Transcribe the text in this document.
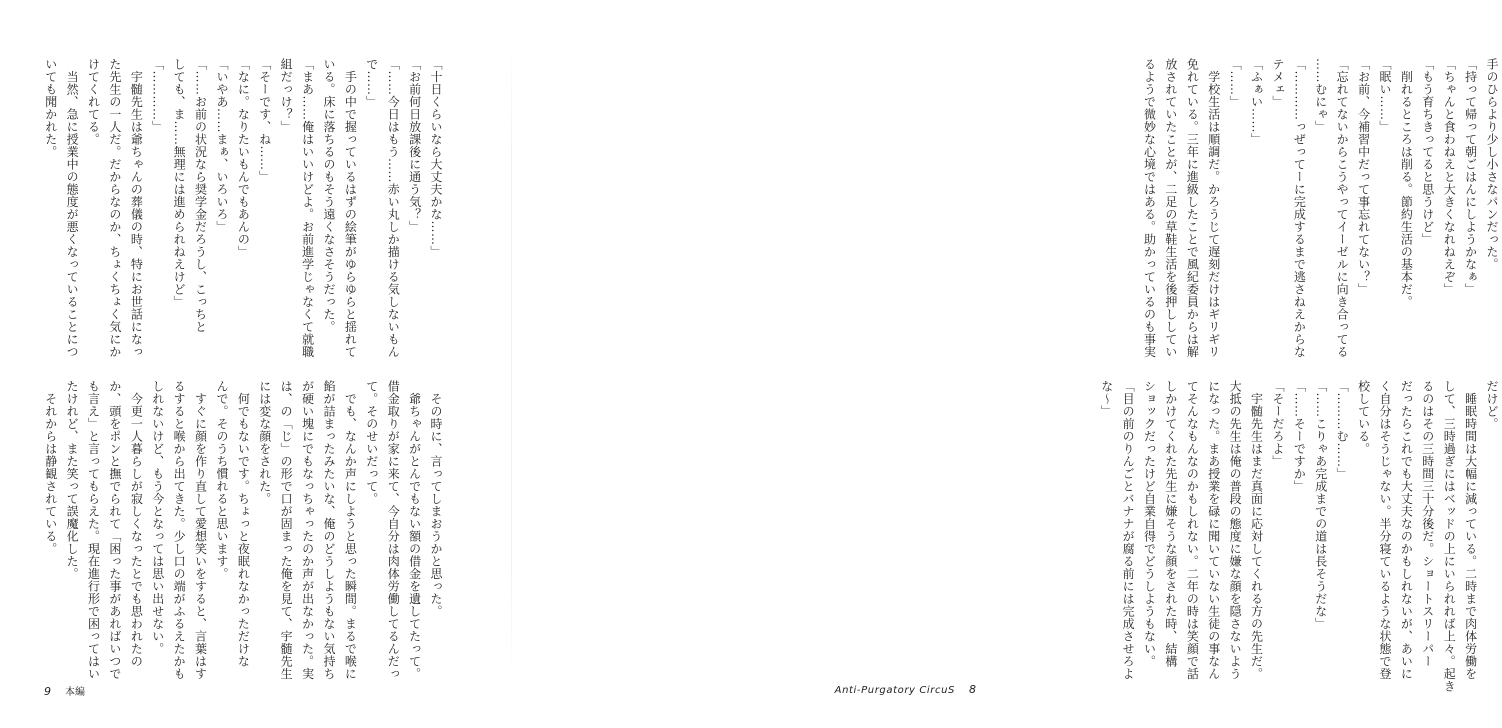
「十日くらいなら大丈夫かな……」
「お前何日放課後に通う気？」
「……今日はもう……赤い丸しか描ける気しないもん
で……」
　手の中で握っているはずの絵筆がゆらゆらと揺れて
いる。床に落ちるのもそう遠くなさそうだった。
「まあ……俺はいいけどよ。お前進学じゃなくて就職
組だっけ？」
「そーです、ね……」
「なに。なりたいもんでもあんの」
「いやあ……まぁ、いろいろ」
「……お前の状況なら奨学金だろうし、こっちと
しても、ま……無理には進められねえけど」
「…………」
　宇髄先生は爺ちゃんの葬儀の時、特にお世話になっ
た先生の一人だ。だからなのか、ちょくちょく気にか
けてくれてる。
　当然、急に授業中の態度が悪くなっていることにつ
いても聞かれた。
　その時に、言ってしまおうかと思った。
　爺ちゃんがとんでもない額の借金を遺してたって。
借金取りが家に来て、今自分は肉体労働してるんだっ
て。そのせいだって。
　でも、なんか声にしようと思った瞬間。まるで喉に
餡が詰まったみたいな、俺のどうしようもない気持ち
が硬い塊にでもなっちゃったのか声が出なかった。実
は、の「じ」の形で口が固まった俺を見て、宇髄先生
には変な顔をされた。
　何でもないです。ちょっと夜眠れなかっただけな
んで。そのうち慣れると思います。
　すぐに顔を作り直して愛想笑いをすると、言葉はす
るすると喉から出てきた。少し口の端がふるえたかも
しれないけど、もう今となっては思い出せない。
　今更一人暮らしが寂しくなったとでも思われたの
か、頭をポンと撫でられて「困った事があればいつで
も言え」と言ってもらえた。現在進行形で困ってはい
たけれど、また笑って誤魔化した。
　それからは静観されている。
9 本編
手のひらより少し小さなパンだった。
「持って帰って朝ごはんにしようかなぁ」
「ちゃんと食わねえと大きくなれねえぞ」
「もう育ちきってると思うけど」
　削れるところは削る。節約生活の基本だ。
「眠い……」
「お前、今補習中だって事忘れてない？」
「忘れてないからこうやってイーゼルに向き合ってる
……むにゃ」
「…………っぜってーに完成するまで逃さねえからな
テメェ」
「ふぁい……」
「……」
　学校生活は順調だ。かろうじて遅刻だけはギリギリ
免れている。三年に進級したことで風紀委員からは解
放されていたことが、二足の草鞋生活を後押ししてい
るようで微妙な心境ではある。助かっているのも事実
だけど。
　睡眠時間は大幅に減っている。二時まで肉体労働を
して、三時過ぎにはベッドの上にいられれば上々。起き
るのはその三時間三十分後だ。ショートスリーパー
だったらこれでも大丈夫なのかもしれないが、あいに
く自分はそうじゃない。半分寝ているような状態で登
校している。
「………む……」
「……こりゃあ完成までの道は長そうだな」
「……そーですか」
「そーだろよ」
　宇髄先生はまだ真面に応対してくれる方の先生だ。
大抵の先生は俺の普段の態度に嫌な顔を隠さないよう
になった。まあ授業を碌に聞いていない生徒の事なん
てそんなもんなのかもしれない。二年の時は笑顔で話
しかけてくれた先生に嫌そうな顔をされた時、結構
ショックだったけど自業自得でどうしようもない。
「目の前のりんごとバナナが腐る前には完成させろよ
な～」
Anti-Purgatory CircuS 8
